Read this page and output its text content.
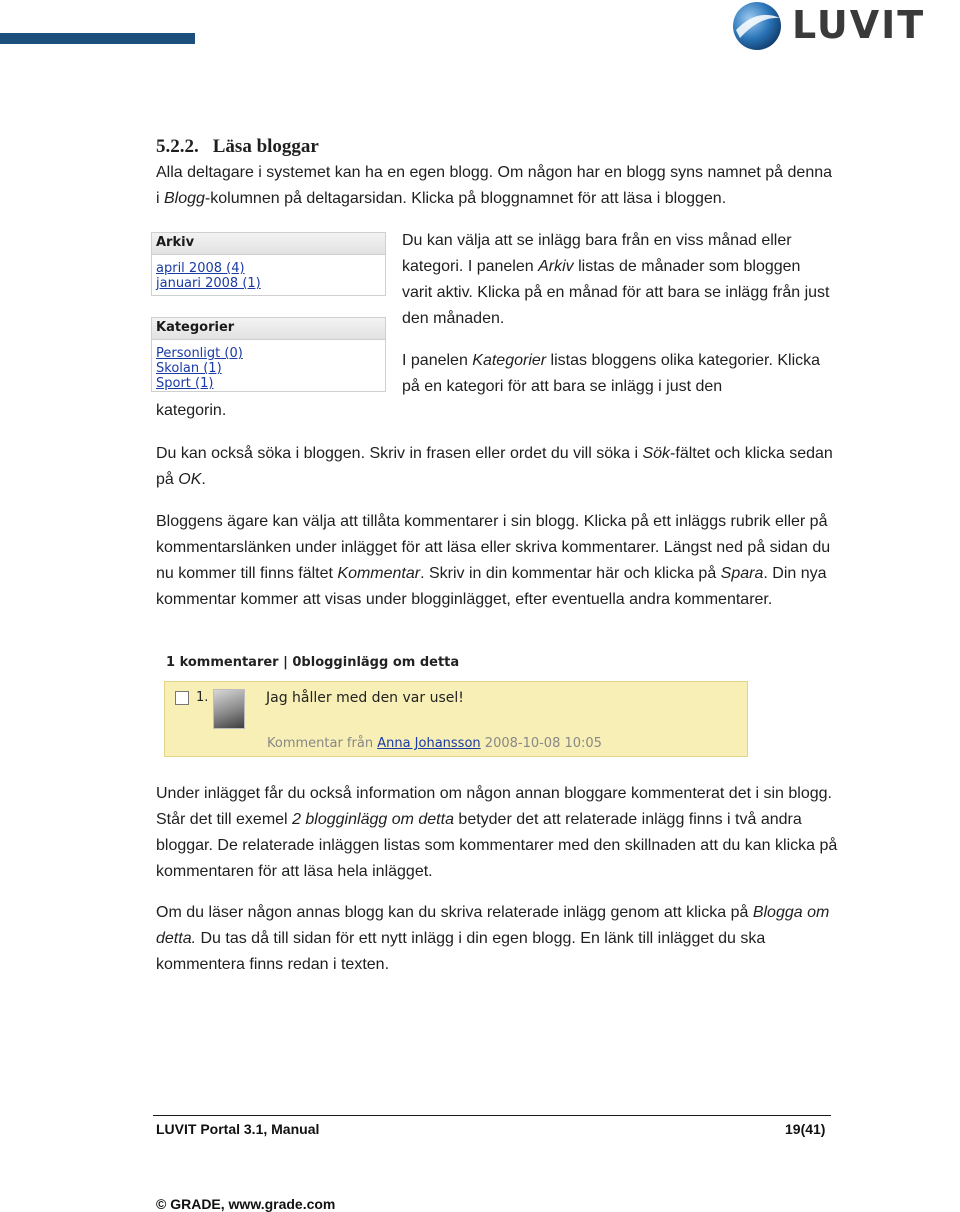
LUVIT
5.2.2. Läsa bloggar
Alla deltagare i systemet kan ha en egen blogg. Om någon har en blogg syns namnet på denna i Blogg-kolumnen på deltagarsidan. Klicka på bloggnamnet för att läsa i bloggen.
Arkiv
april 2008 (4)
januari 2008 (1)
Kategorier
Personligt (0)
Skolan (1)
Sport (1)
Du kan välja att se inlägg bara från en viss månad eller kategori. I panelen Arkiv listas de månader som bloggen varit aktiv. Klicka på en månad för att bara se inlägg från just den månaden.
I panelen Kategorier listas bloggens olika kategorier. Klicka på en kategori för att bara se inlägg i just den
kategorin.
Du kan också söka i bloggen. Skriv in frasen eller ordet du vill söka i Sök-fältet och klicka sedan på OK.
Bloggens ägare kan välja att tillåta kommentarer i sin blogg. Klicka på ett inläggs rubrik eller på kommentarslänken under inlägget för att läsa eller skriva kommentarer. Längst ned på sidan du nu kommer till finns fältet Kommentar. Skriv in din kommentar här och klicka på Spara. Din nya kommentar kommer att visas under blogginlägget, efter eventuella andra kommentarer.
1 kommentarer | 0blogginlägg om detta
1.	Jag håller med den var usel!
Kommentar från Anna Johansson 2008-10-08 10:05
Under inlägget får du också information om någon annan bloggare kommenterat det i sin blogg. Står det till exemel 2 blogginlägg om detta betyder det att relaterade inlägg finns i två andra bloggar. De relaterade inläggen listas som kommentarer med den skillnaden att du kan klicka på kommentaren för att läsa hela inlägget.
Om du läser någon annas blogg kan du skriva relaterade inlägg genom att klicka på Blogga om detta. Du tas då till sidan för ett nytt inlägg i din egen blogg. En länk till inlägget du ska kommentera finns redan i texten.
LUVIT Portal 3.1, Manual	19(41)
© GRADE, www.grade.com
